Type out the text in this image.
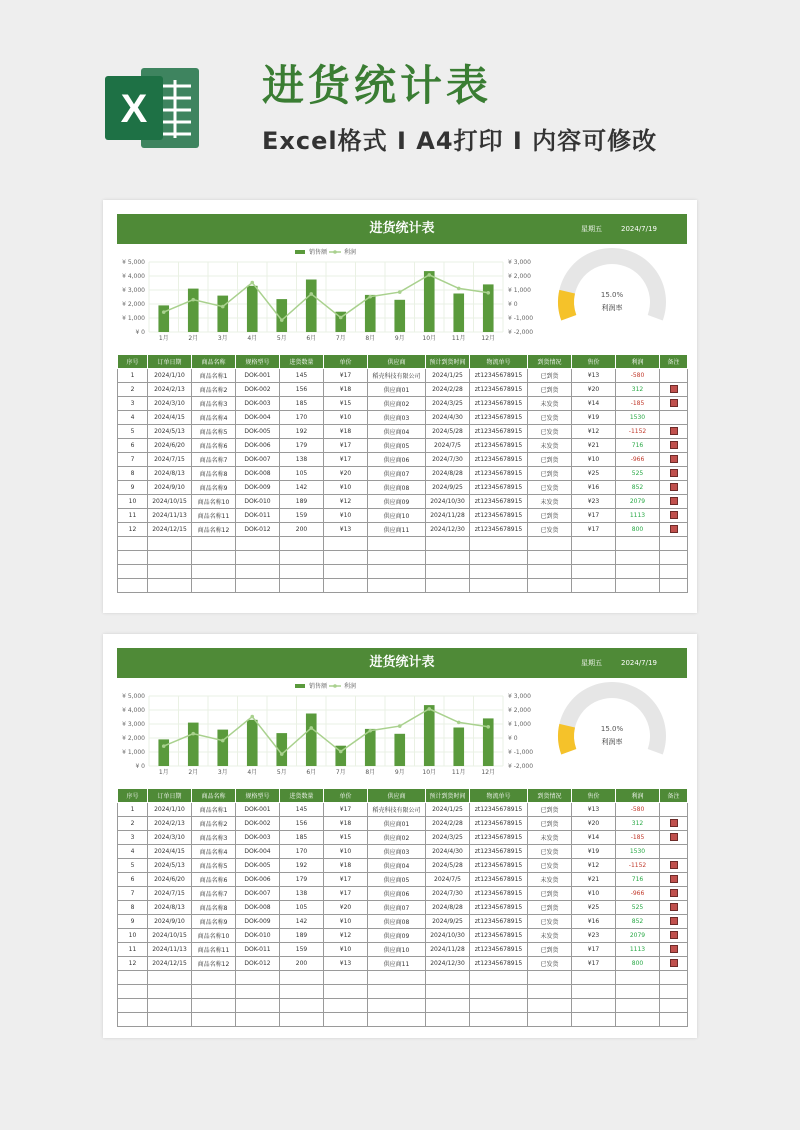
X	进货统计表
Excel格式 I A4打印 I 内容可修改
进货统计表	星期五	2024/7/19
¥ 5,000
¥ 4,000
¥ 3,000
¥ 2,000
¥ 1,000
¥ 0
¥ 3,000
¥ 2,000
¥ 1,000
¥ 0
¥ -1,000
¥ -2,000
1月	2月	3月	4月	5月	6月	7月	8月	9月	10月	11月	12月
销售额	利润
15.0%
利润率
序号	订单日期	商品名称	规格型号	进货数量	单价	供应商	预计到货时间	物流单号	到货情况	售价	利润	备注
1	2024/1/10	商品名称1	DOK-001	145	¥17	稻壳科技有限公司	2024/1/25	zt12345678915	已到货	¥13	-580	
2	2024/2/13	商品名称2	DOK-002	156	¥18	供应商01	2024/2/28	zt12345678915	已到货	¥20	312	
3	2024/3/10	商品名称3	DOK-003	185	¥15	供应商02	2024/3/25	zt12345678915	未发货	¥14	-185	
4	2024/4/15	商品名称4	DOK-004	170	¥10	供应商03	2024/4/30	zt12345678915	已发货	¥19	1530	
5	2024/5/13	商品名称5	DOK-005	192	¥18	供应商04	2024/5/28	zt12345678915	已发货	¥12	-1152	
6	2024/6/20	商品名称6	DOK-006	179	¥17	供应商05	2024/7/5	zt12345678915	未发货	¥21	716	
7	2024/7/15	商品名称7	DOK-007	138	¥17	供应商06	2024/7/30	zt12345678915	已到货	¥10	-966	
8	2024/8/13	商品名称8	DOK-008	105	¥20	供应商07	2024/8/28	zt12345678915	已到货	¥25	525	
9	2024/9/10	商品名称9	DOK-009	142	¥10	供应商08	2024/9/25	zt12345678915	已发货	¥16	852	
10	2024/10/15	商品名称10	DOK-010	189	¥12	供应商09	2024/10/30	zt12345678915	未发货	¥23	2079	
11	2024/11/13	商品名称11	DOK-011	159	¥10	供应商10	2024/11/28	zt12345678915	已到货	¥17	1113	
12	2024/12/15	商品名称12	DOK-012	200	¥13	供应商11	2024/12/30	zt12345678915	已发货	¥17	800	

进货统计表	星期五	2024/7/19
¥ 5,000
¥ 4,000
¥ 3,000
¥ 2,000
¥ 1,000
¥ 0
¥ 3,000
¥ 2,000
¥ 1,000
¥ 0
¥ -1,000
¥ -2,000
1月	2月	3月	4月	5月	6月	7月	8月	9月	10月	11月	12月
销售额	利润
15.0%
利润率
序号	订单日期	商品名称	规格型号	进货数量	单价	供应商	预计到货时间	物流单号	到货情况	售价	利润	备注
1	2024/1/10	商品名称1	DOK-001	145	¥17	稻壳科技有限公司	2024/1/25	zt12345678915	已到货	¥13	-580	
2	2024/2/13	商品名称2	DOK-002	156	¥18	供应商01	2024/2/28	zt12345678915	已到货	¥20	312	
3	2024/3/10	商品名称3	DOK-003	185	¥15	供应商02	2024/3/25	zt12345678915	未发货	¥14	-185	
4	2024/4/15	商品名称4	DOK-004	170	¥10	供应商03	2024/4/30	zt12345678915	已发货	¥19	1530	
5	2024/5/13	商品名称5	DOK-005	192	¥18	供应商04	2024/5/28	zt12345678915	已发货	¥12	-1152	
6	2024/6/20	商品名称6	DOK-006	179	¥17	供应商05	2024/7/5	zt12345678915	未发货	¥21	716	
7	2024/7/15	商品名称7	DOK-007	138	¥17	供应商06	2024/7/30	zt12345678915	已到货	¥10	-966	
8	2024/8/13	商品名称8	DOK-008	105	¥20	供应商07	2024/8/28	zt12345678915	已到货	¥25	525	
9	2024/9/10	商品名称9	DOK-009	142	¥10	供应商08	2024/9/25	zt12345678915	已发货	¥16	852	
10	2024/10/15	商品名称10	DOK-010	189	¥12	供应商09	2024/10/30	zt12345678915	未发货	¥23	2079	
11	2024/11/13	商品名称11	DOK-011	159	¥10	供应商10	2024/11/28	zt12345678915	已到货	¥17	1113	
12	2024/12/15	商品名称12	DOK-012	200	¥13	供应商11	2024/12/30	zt12345678915	已发货	¥17	800	
